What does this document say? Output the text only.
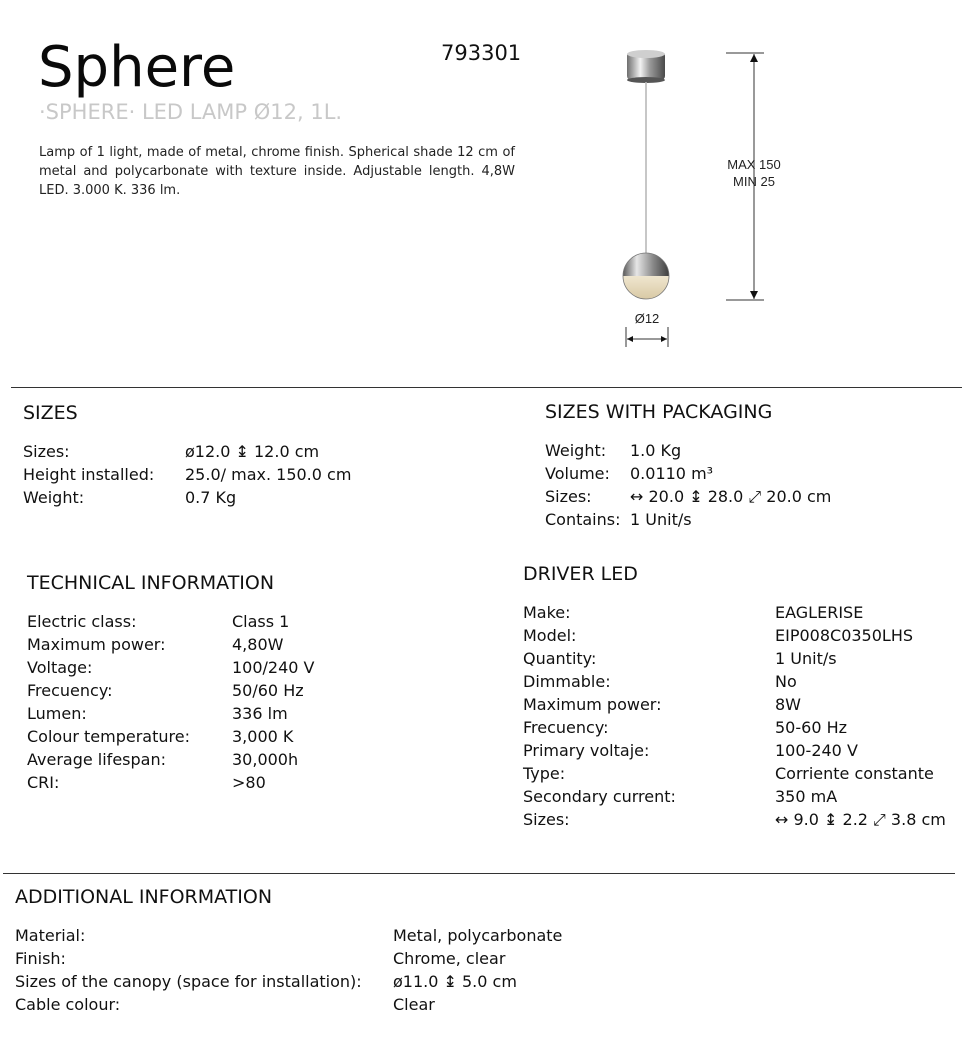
Sphere
·SPHERE· LED LAMP Ø12, 1L.
793301
Lamp of 1 light, made of metal, chrome finish. Spherical shade 12 cm of metal and polycarbonate with texture inside. Adjustable length. 4,8W LED. 3.000 K. 336 lm.
MAX 150
MIN 25
Ø12
SIZES
Sizes:	ø12.0 ↨ 12.0 cm
Height installed: 25.0/ max. 150.0 cm
Weight:	0.7 Kg
SIZES WITH PACKAGING
Weight: 1.0 Kg
Volume: 0.0110 m³
Sizes: ↔ 20.0 ↨ 28.0 ⤢ 20.0 cm
Contains: 1 Unit/s
TECHNICAL INFORMATION
Electric class:	Class 1
Maximum power:	4,80W
Voltage:	100/240 V
Frecuency:	50/60 Hz
Lumen:	336 lm
Colour temperature:	3,000 K
Average lifespan:	30,000h
CRI:	>80
DRIVER LED
Make:	EAGLERISE
Model:	EIP008C0350LHS
Quantity:	1 Unit/s
Dimmable:	No
Maximum power:	8W
Frecuency:	50-60 Hz
Primary voltaje:	100-240 V
Type:	Corriente constante
Secondary current:	350 mA
Sizes:	↔ 9.0 ↨ 2.2 ⤢ 3.8 cm
ADDITIONAL INFORMATION
Material:	Metal, polycarbonate
Finish:	Chrome, clear
Sizes of the canopy (space for installation): ø11.0 ↨ 5.0 cm
Cable colour:	Clear
